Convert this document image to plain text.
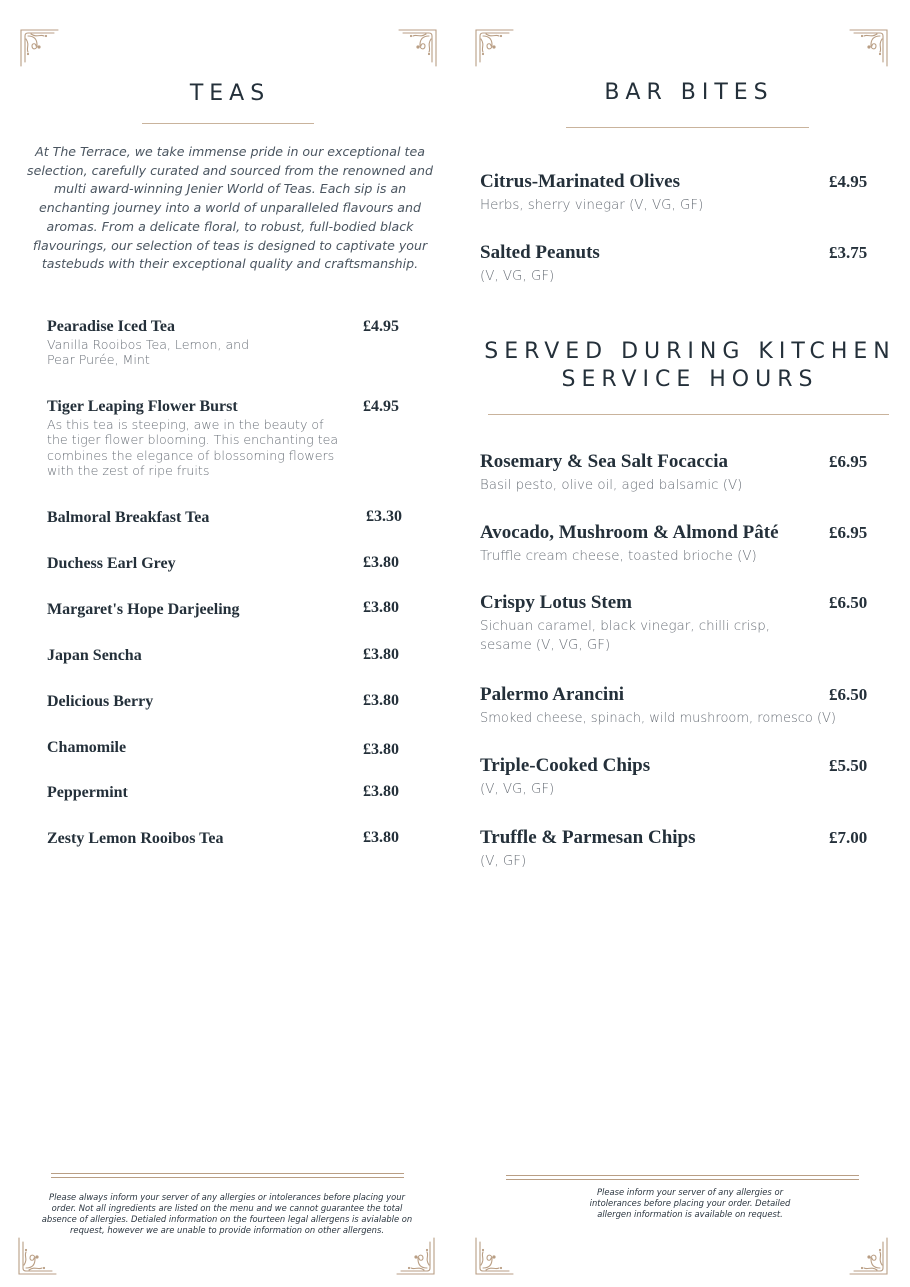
TEAS

At The Terrace, we take immense pride in our exceptional tea selection, carefully curated and sourced from the renowned and multi award-winning Jenier World of Teas. Each sip is an enchanting journey into a world of unparalleled flavours and aromas. From a delicate floral, to robust, full-bodied black flavourings, our selection of teas is designed to captivate your tastebuds with their exceptional quality and craftsmanship.

Pearadise Iced Tea
Vanilla Rooibos Tea, Lemon, and Pear Purée, Mint
£4.95
Tiger Leaping Flower Burst
As this tea is steeping, awe in the beauty of the tiger flower blooming. This enchanting tea combines the elegance of blossoming flowers with the zest of ripe fruits
£4.95
Balmoral Breakfast Tea	£3.30
Duchess Earl Grey	£3.80
Margaret's Hope Darjeeling	£3.80
Japan Sencha	£3.80
Delicious Berry	£3.80
Chamomile	£3.80
Peppermint	£3.80
Zesty Lemon Rooibos Tea	£3.80

Please always inform your server of any allergies or intolerances before placing your order. Not all ingredients are listed on the menu and we cannot guarantee the total absence of allergies. Detialed information on the fourteen legal allergens is avialable on request, however we are unable to provide information on other allergens.

BAR BITES
Citrus-Marinated Olives
Herbs, sherry vinegar (V, VG, GF)
£4.95
Salted Peanuts
(V, VG, GF)
£3.75
SERVED DURING KITCHEN
SERVICE HOURS
Rosemary & Sea Salt Focaccia
Basil pesto, olive oil, aged balsamic (V)
£6.95
Avocado, Mushroom & Almond Pâté
Truffle cream cheese, toasted brioche (V)
£6.95
Crispy Lotus Stem
Sichuan caramel, black vinegar, chilli crisp, sesame (V, VG, GF)
£6.50
Palermo Arancini
Smoked cheese, spinach, wild mushroom, romesco (V)
£6.50
Triple-Cooked Chips
(V, VG, GF)
£5.50
Truffle & Parmesan Chips
(V, GF)
£7.00

Please inform your server of any allergies or intolerances before placing your order. Detailed allergen information is available on request.
